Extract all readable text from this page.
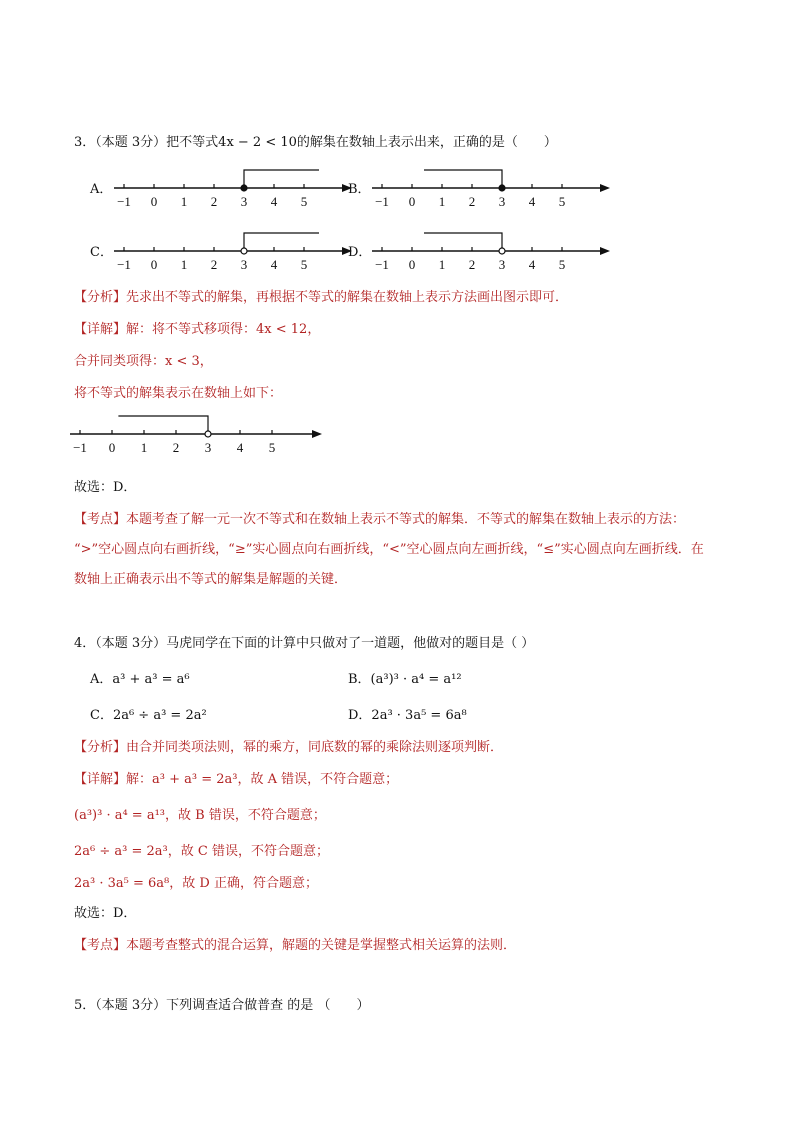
3．（本题 3分）把不等式4x − 2 < 10的解集在数轴上表示出来，正确的是（　　）
A．
−1 0 1 2 3 4 5
B．
−1 0 1 2 3 4 5
C．
−1 0 1 2 3 4 5
D．
−1 0 1 2 3 4 5
【分析】先求出不等式的解集，再根据不等式的解集在数轴上表示方法画出图示即可．
【详解】解：将不等式移项得：4x < 12，
合并同类项得：x < 3，
将不等式的解集表示在数轴上如下：
−1 0 1 2 3 4 5
故选：D．
【考点】本题考查了解一元一次不等式和在数轴上表示不等式的解集．不等式的解集在数轴上表示的方法：
“>”空心圆点向右画折线，“≥”实心圆点向右画折线，“<”空心圆点向左画折线，“≤”实心圆点向左画折线．在
数轴上正确表示出不等式的解集是解题的关键．
4．（本题 3分）马虎同学在下面的计算中只做对了一道题，他做对的题目是（ ）
A．a³ + a³ = a⁶	B．(a³)³ · a⁴ = a¹²
C．2a⁶ ÷ a³ = 2a²	D．2a³ · 3a⁵ = 6a⁸
【分析】由合并同类项法则，幂的乘方，同底数的幂的乘除法则逐项判断．
【详解】解：a³ + a³ = 2a³，故 A 错误，不符合题意；
(a³)³ · a⁴ = a¹³，故 B 错误，不符合题意；
2a⁶ ÷ a³ = 2a³，故 C 错误，不符合题意；
2a³ · 3a⁵ = 6a⁸，故 D 正确，符合题意；
故选：D．
【考点】本题考查整式的混合运算，解题的关键是掌握整式相关运算的法则．
5．（本题 3分）下列调查适合做普查 的是 （　　）
